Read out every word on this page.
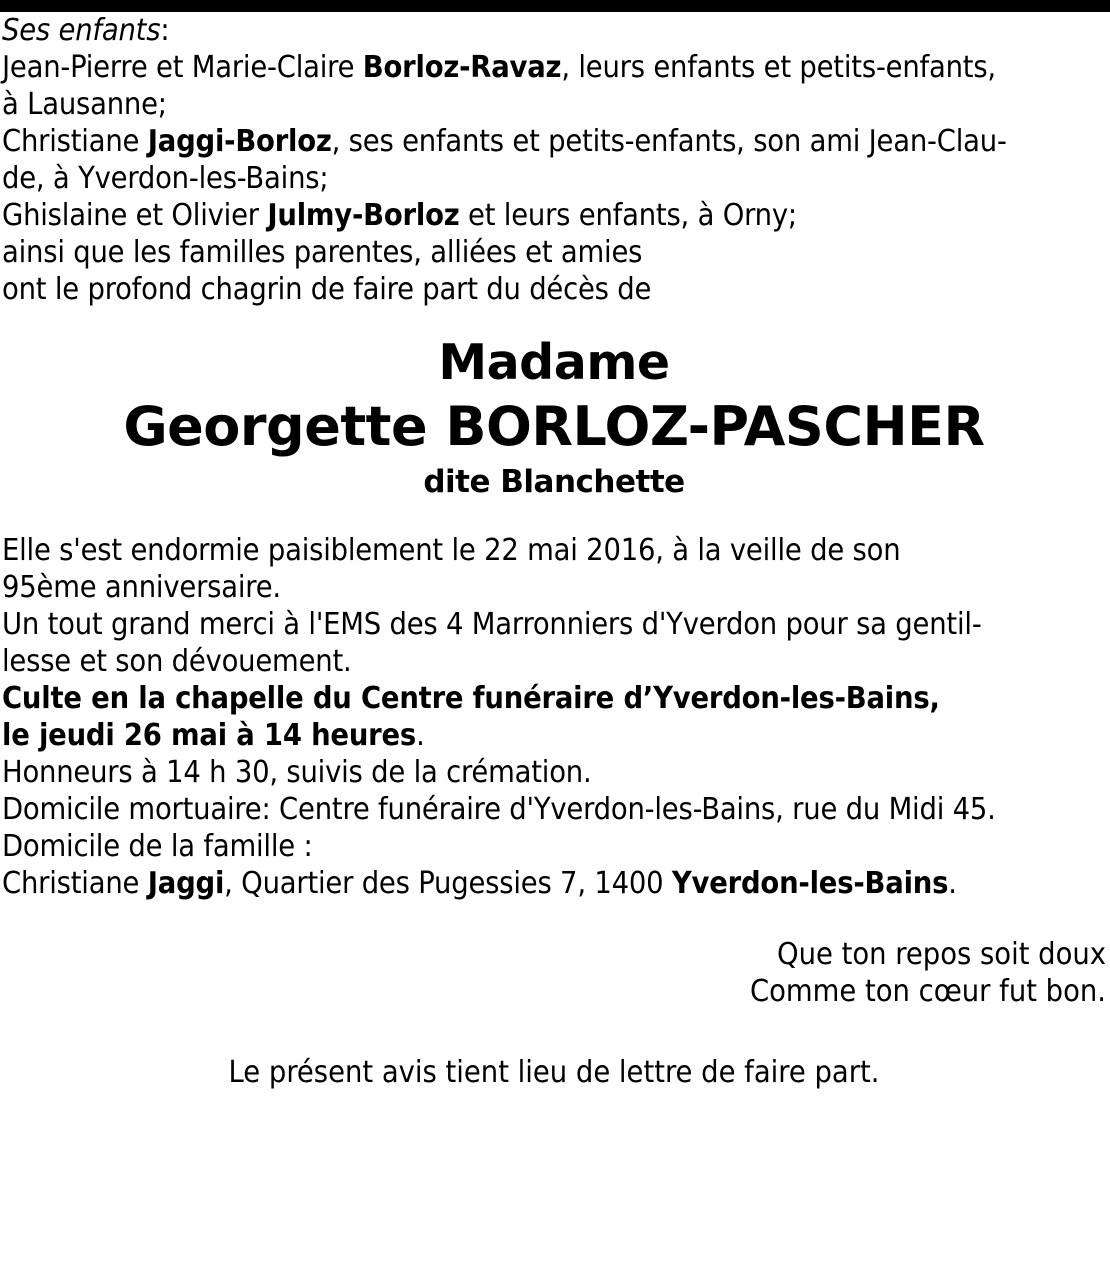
Ses enfants:
Jean-Pierre et Marie-Claire Borloz-Ravaz, leurs enfants et petits-enfants,
à Lausanne;
Christiane Jaggi-Borloz, ses enfants et petits-enfants, son ami Jean-Clau-
de, à Yverdon-les-Bains;
Ghislaine et Olivier Julmy-Borloz et leurs enfants, à Orny;
ainsi que les familles parentes, alliées et amies
ont le profond chagrin de faire part du décès de
Madame
Georgette BORLOZ-PASCHER
dite Blanchette
Elle s'est endormie paisiblement le 22 mai 2016, à la veille de son
95ème anniversaire.
Un tout grand merci à l'EMS des 4 Marronniers d'Yverdon pour sa gentil-
lesse et son dévouement.
Culte en la chapelle du Centre funéraire d’Yverdon-les-Bains,
le jeudi 26 mai à 14 heures.
Honneurs à 14 h 30, suivis de la crémation.
Domicile mortuaire: Centre funéraire d'Yverdon-les-Bains, rue du Midi 45.
Domicile de la famille :
Christiane Jaggi, Quartier des Pugessies 7, 1400 Yverdon-les-Bains.
Que ton repos soit doux
Comme ton cœur fut bon.
Le présent avis tient lieu de lettre de faire part.
